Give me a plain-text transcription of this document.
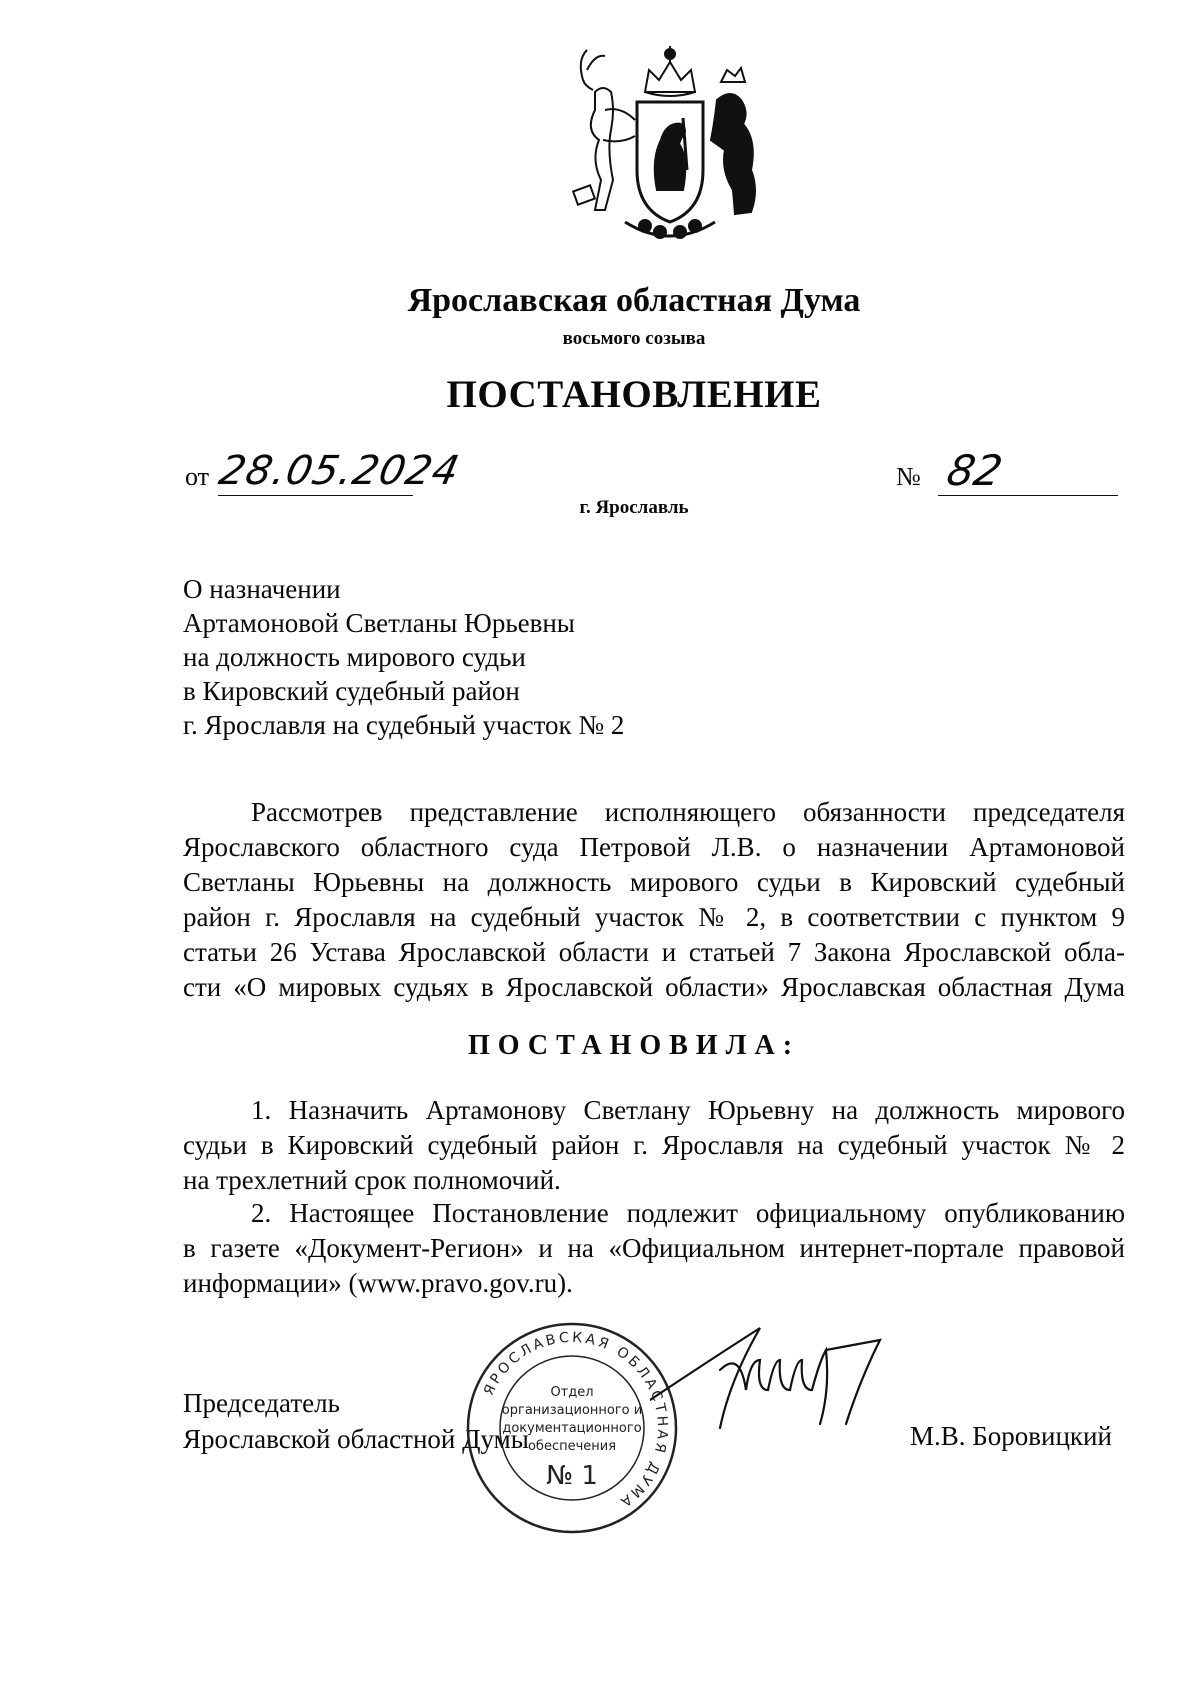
Ярославская областная Дума
восьмого созыва
ПОСТАНОВЛЕНИЕ
от 28.05.2024	№ 82
г. Ярославль
О назначении
Артамоновой Светланы Юрьевны
на должность мирового судьи
в Кировский судебный район
г. Ярославля на судебный участок № 2
Рассмотрев представление исполняющего обязанности председателя
Ярославского областного суда Петровой Л.В. о назначении Артамоновой
Светланы Юрьевны на должность мирового судьи в Кировский судебный
район г. Ярославля на судебный участок № 2, в соответствии с пунктом 9
статьи 26 Устава Ярославской области и статьей 7 Закона Ярославской обла-
сти «О мировых судьях в Ярославской области» Ярославская областная Дума
ПОСТАНОВИЛА:
1. Назначить Артамонову Светлану Юрьевну на должность мирового
судьи в Кировский судебный район г. Ярославля на судебный участок № 2
на трехлетний срок полномочий.
2. Настоящее Постановление подлежит официальному опубликованию
в газете «Документ-Регион» и на «Официальном интернет-портале правовой
информации» (www.pravo.gov.ru).
Председатель
Ярославской областной Думы	М.В. Боровицкий
ЯРОСЛАВСКАЯ ОБЛАСТНАЯ ДУМА
Отдел
организационного и
документационного
обеспечения
№ 1
